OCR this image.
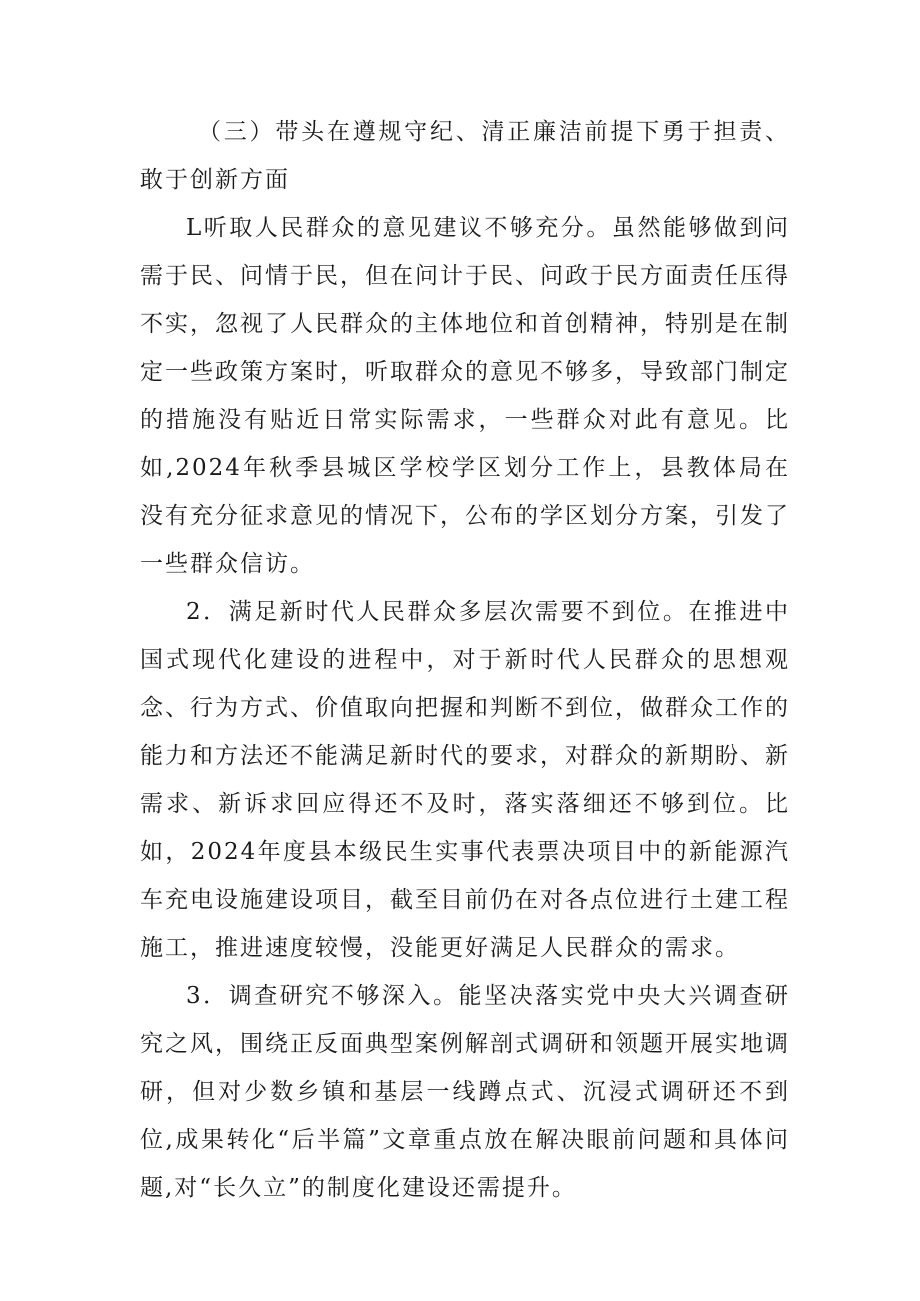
（三）带头在遵规守纪、清正廉洁前提下勇于担责、敢于创新方面

L听取人民群众的意见建议不够充分。虽然能够做到问需于民、问情于民，但在问计于民、问政于民方面责任压得不实，忽视了人民群众的主体地位和首创精神，特别是在制定一些政策方案时，听取群众的意见不够多，导致部门制定的措施没有贴近日常实际需求，一些群众对此有意见。比如,2024年秋季县城区学校学区划分工作上，县教体局在没有充分征求意见的情况下，公布的学区划分方案，引发了一些群众信访。

2．满足新时代人民群众多层次需要不到位。在推进中国式现代化建设的进程中，对于新时代人民群众的思想观念、行为方式、价值取向把握和判断不到位，做群众工作的能力和方法还不能满足新时代的要求，对群众的新期盼、新需求、新诉求回应得还不及时，落实落细还不够到位。比如，2024年度县本级民生实事代表票决项目中的新能源汽车充电设施建设项目，截至目前仍在对各点位进行土建工程施工，推进速度较慢，没能更好满足人民群众的需求。

3．调查研究不够深入。能坚决落实党中央大兴调查研究之风，围绕正反面典型案例解剖式调研和领题开展实地调研，但对少数乡镇和基层一线蹲点式、沉浸式调研还不到位,成果转化“后半篇”文章重点放在解决眼前问题和具体问题,对“长久立”的制度化建设还需提升。
